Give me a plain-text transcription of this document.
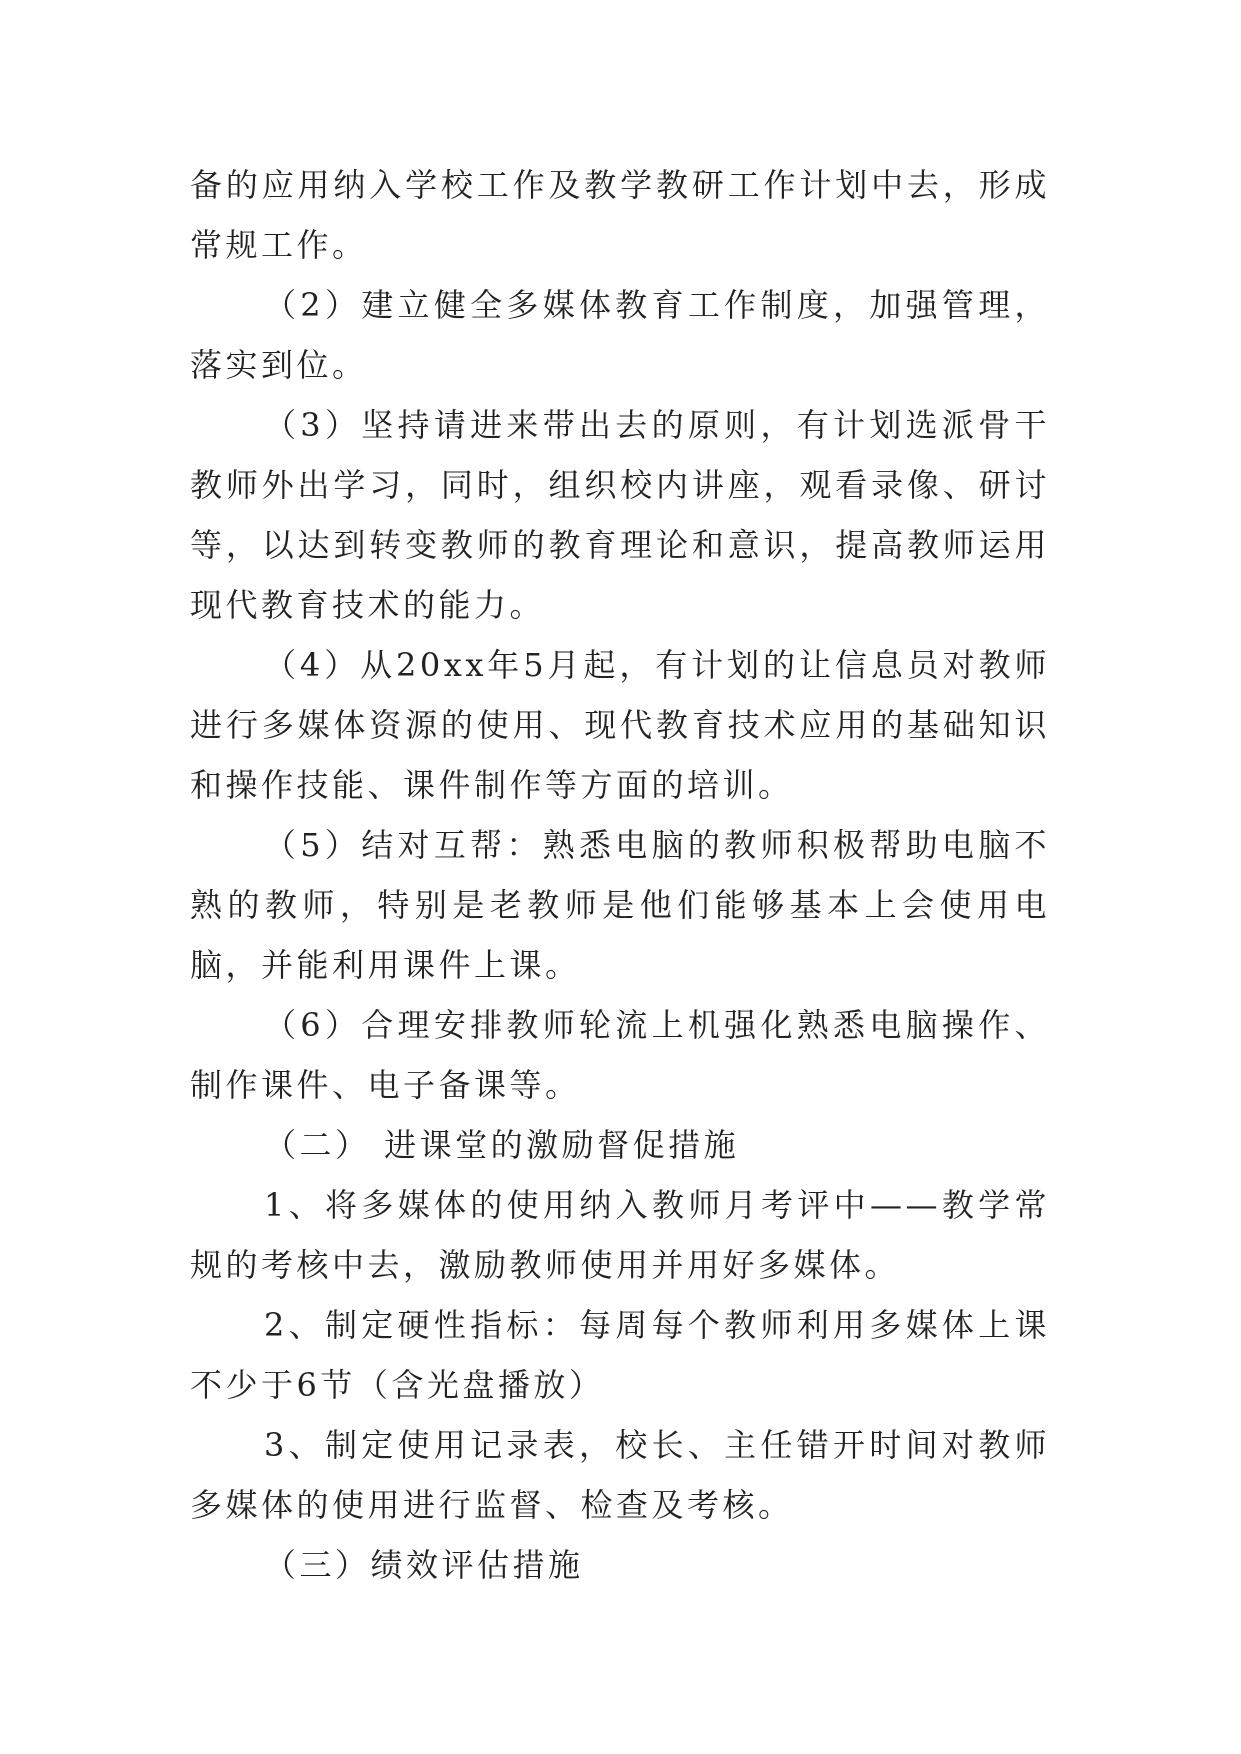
备的应用纳入学校工作及教学教研工作计划中去，形成常规工作。

（2）建立健全多媒体教育工作制度，加强管理，落实到位。

（3）坚持请进来带出去的原则，有计划选派骨干教师外出学习，同时，组织校内讲座，观看录像、研讨等，以达到转变教师的教育理论和意识，提高教师运用现代教育技术的能力。

（4）从20xx年5月起，有计划的让信息员对教师进行多媒体资源的使用、现代教育技术应用的基础知识和操作技能、课件制作等方面的培训。

（5）结对互帮：熟悉电脑的教师积极帮助电脑不熟的教师，特别是老教师是他们能够基本上会使用电脑，并能利用课件上课。

（6）合理安排教师轮流上机强化熟悉电脑操作、制作课件、电子备课等。

（二） 进课堂的激励督促措施

1、将多媒体的使用纳入教师月考评中——教学常规的考核中去，激励教师使用并用好多媒体。

2、制定硬性指标：每周每个教师利用多媒体上课不少于6节（含光盘播放）

3、制定使用记录表，校长、主任错开时间对教师多媒体的使用进行监督、检查及考核。

（三）绩效评估措施
